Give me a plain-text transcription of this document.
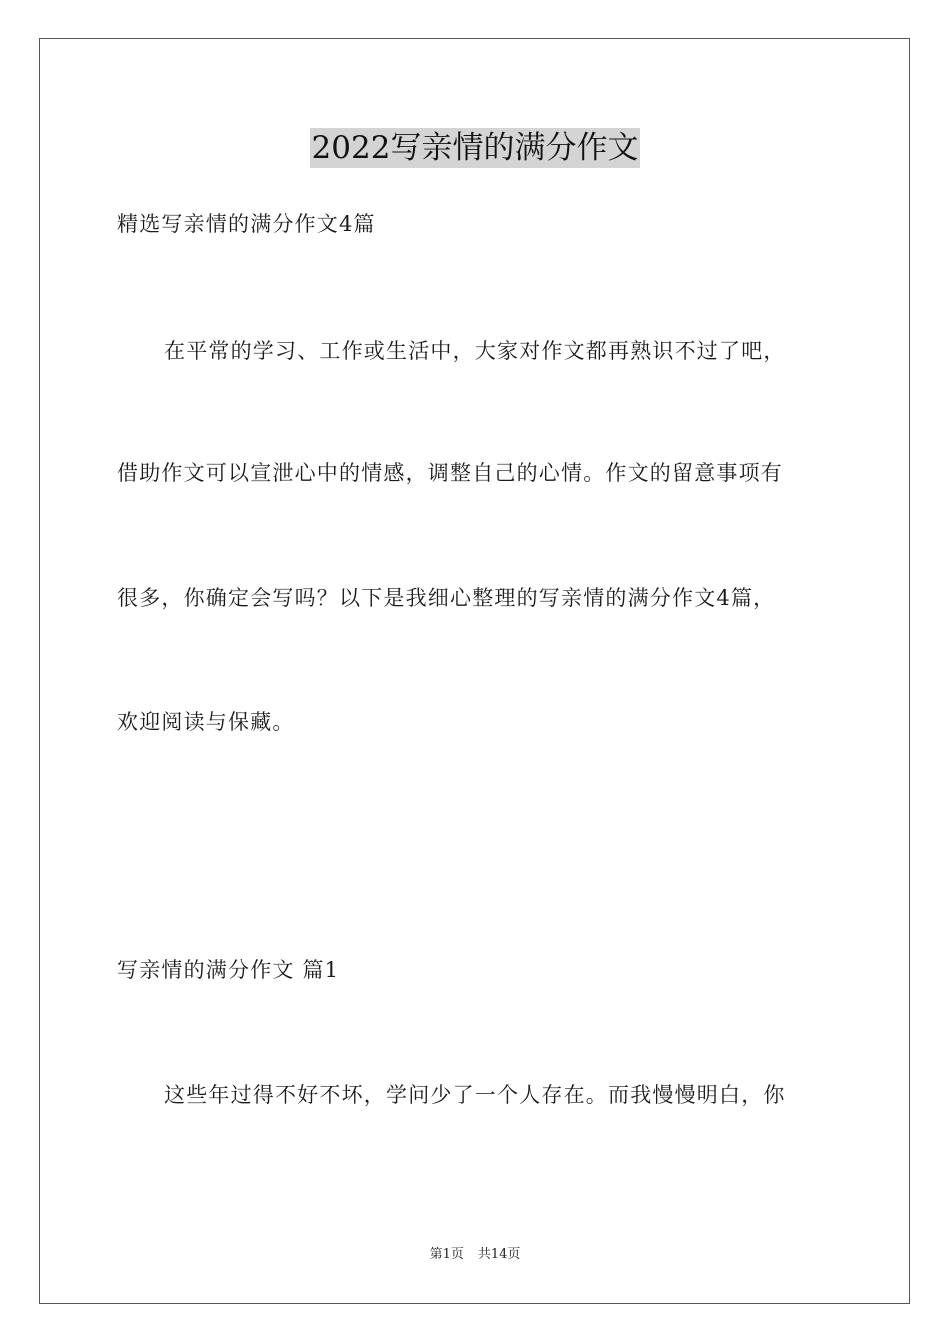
2022写亲情的满分作文
精选写亲情的满分作文4篇
在平常的学习、工作或生活中，大家对作文都再熟识不过了吧，
借助作文可以宣泄心中的情感，调整自己的心情。作文的留意事项有
很多，你确定会写吗？以下是我细心整理的写亲情的满分作文4篇，
欢迎阅读与保藏。
写亲情的满分作文 篇1
这些年过得不好不坏，学问少了一个人存在。而我慢慢明白，你
第1页 共14页
